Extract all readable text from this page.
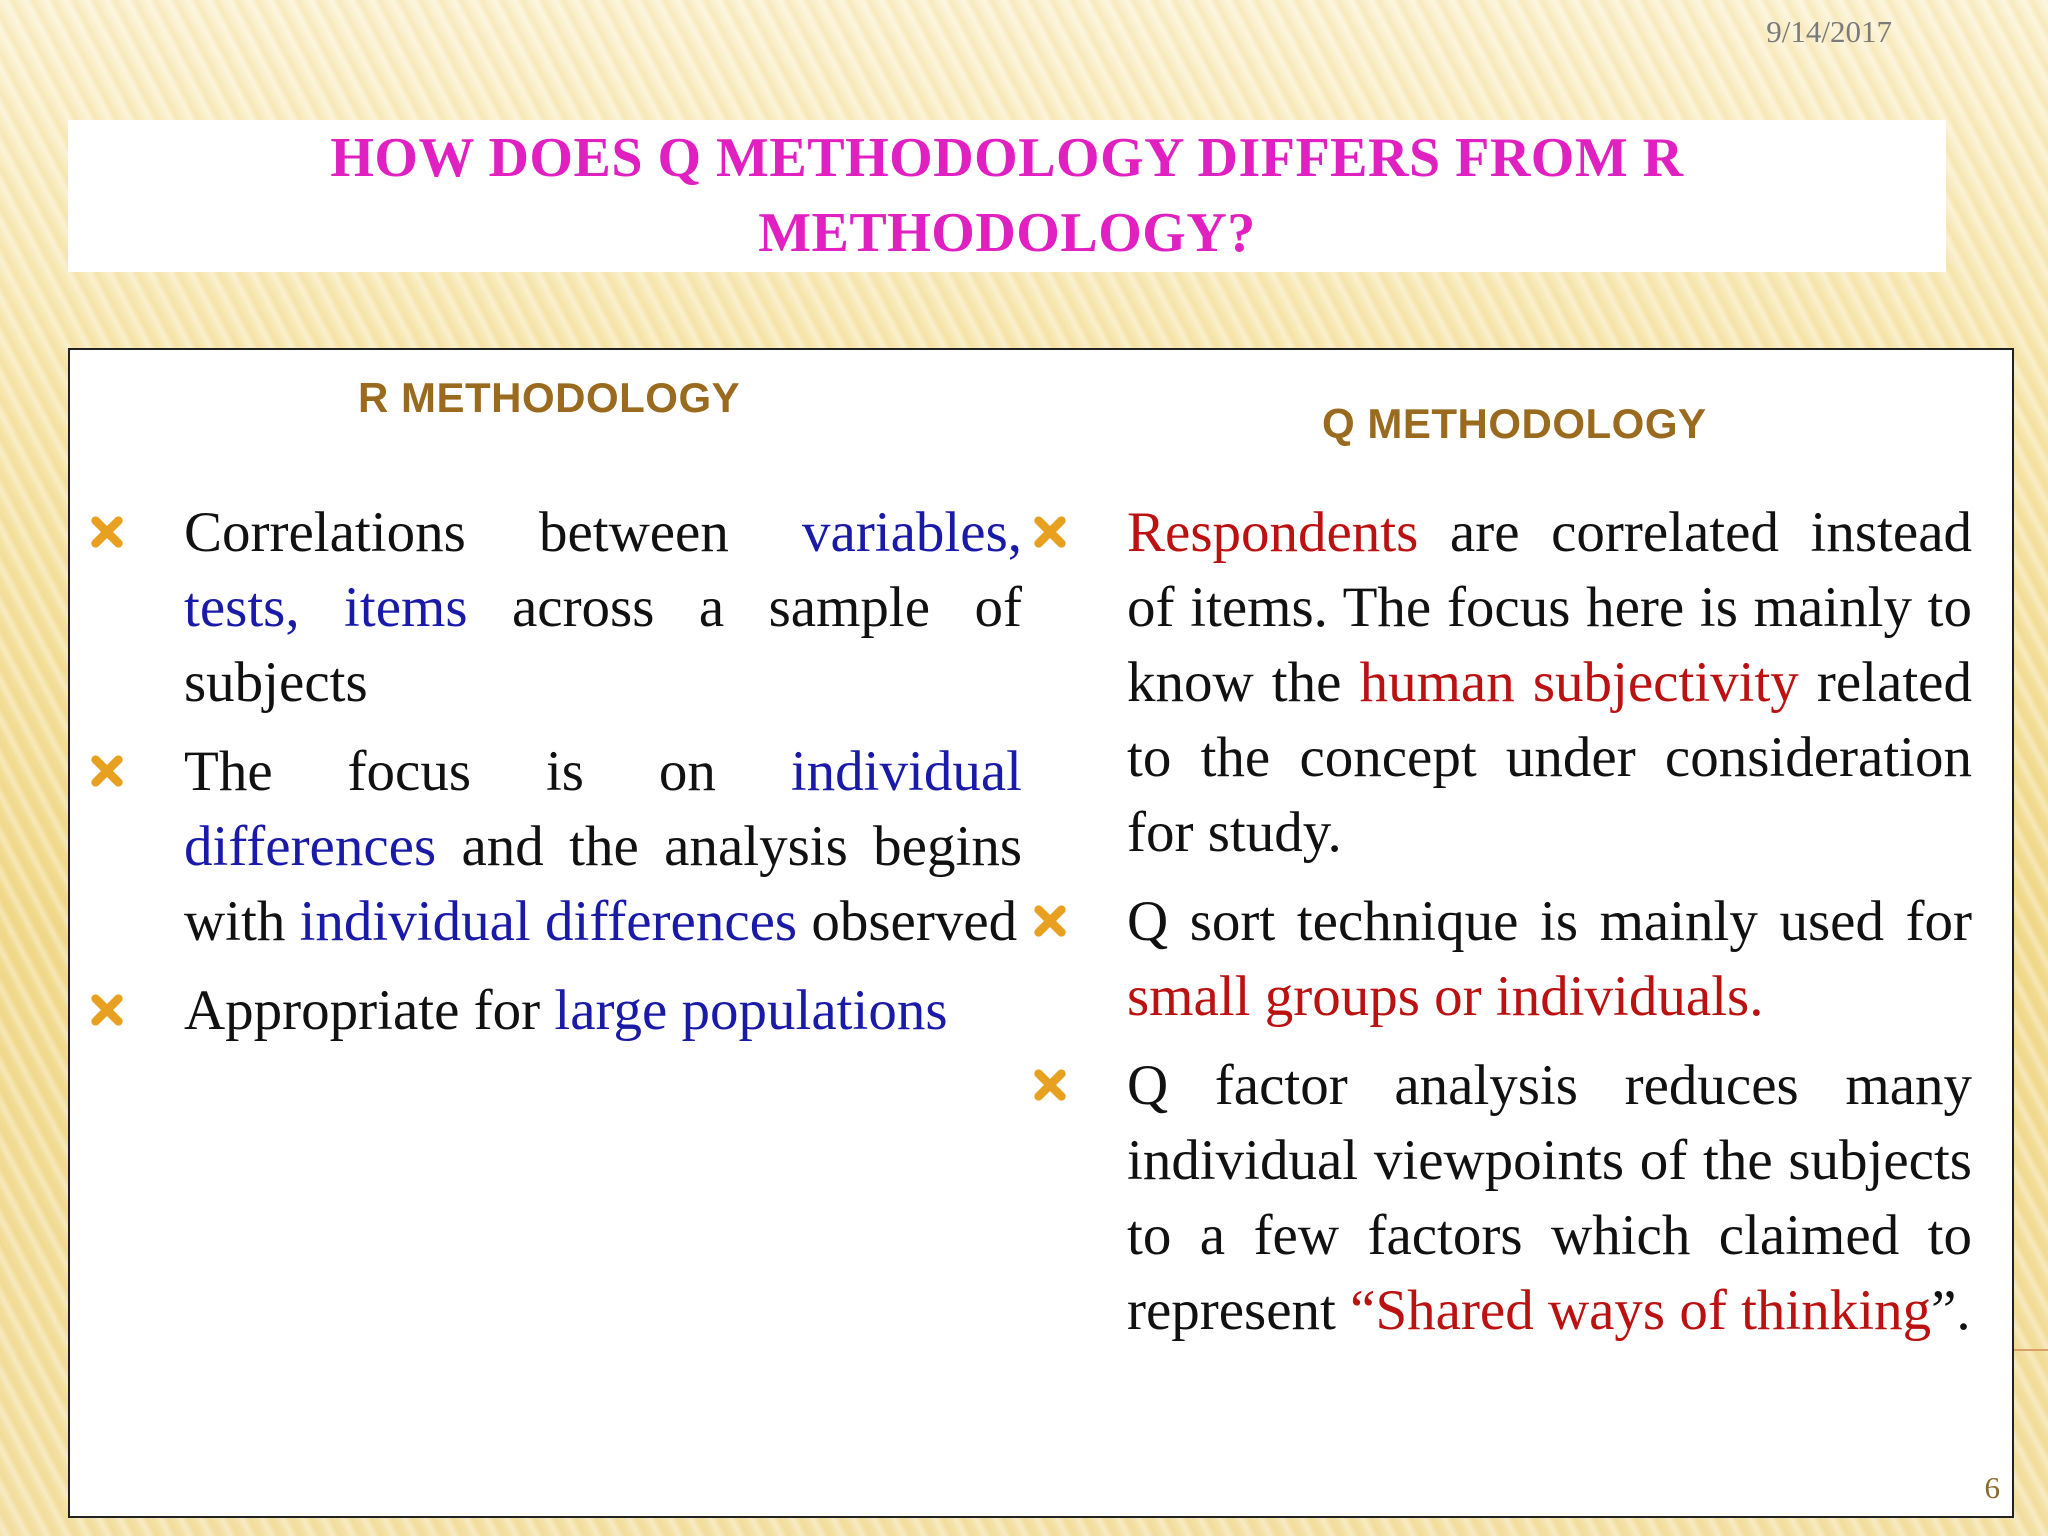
9/14/2017
HOW DOES Q METHODOLOGY DIFFERS FROM R
METHODOLOGY?
R METHODOLOGY
Q METHODOLOGY
Correlations between variables, tests, items across a sample of subjects
The focus is on individual differences and the analysis begins with individual differences observed
Appropriate for large populations
Respondents are correlated instead of items. The focus here is mainly to know the human subjectivity related to the concept under consideration for study.
Q sort technique is mainly used for small groups or individuals.
Q factor analysis reduces many individual viewpoints of the subjects to a few factors which claimed to represent “Shared ways of thinking”.
6
